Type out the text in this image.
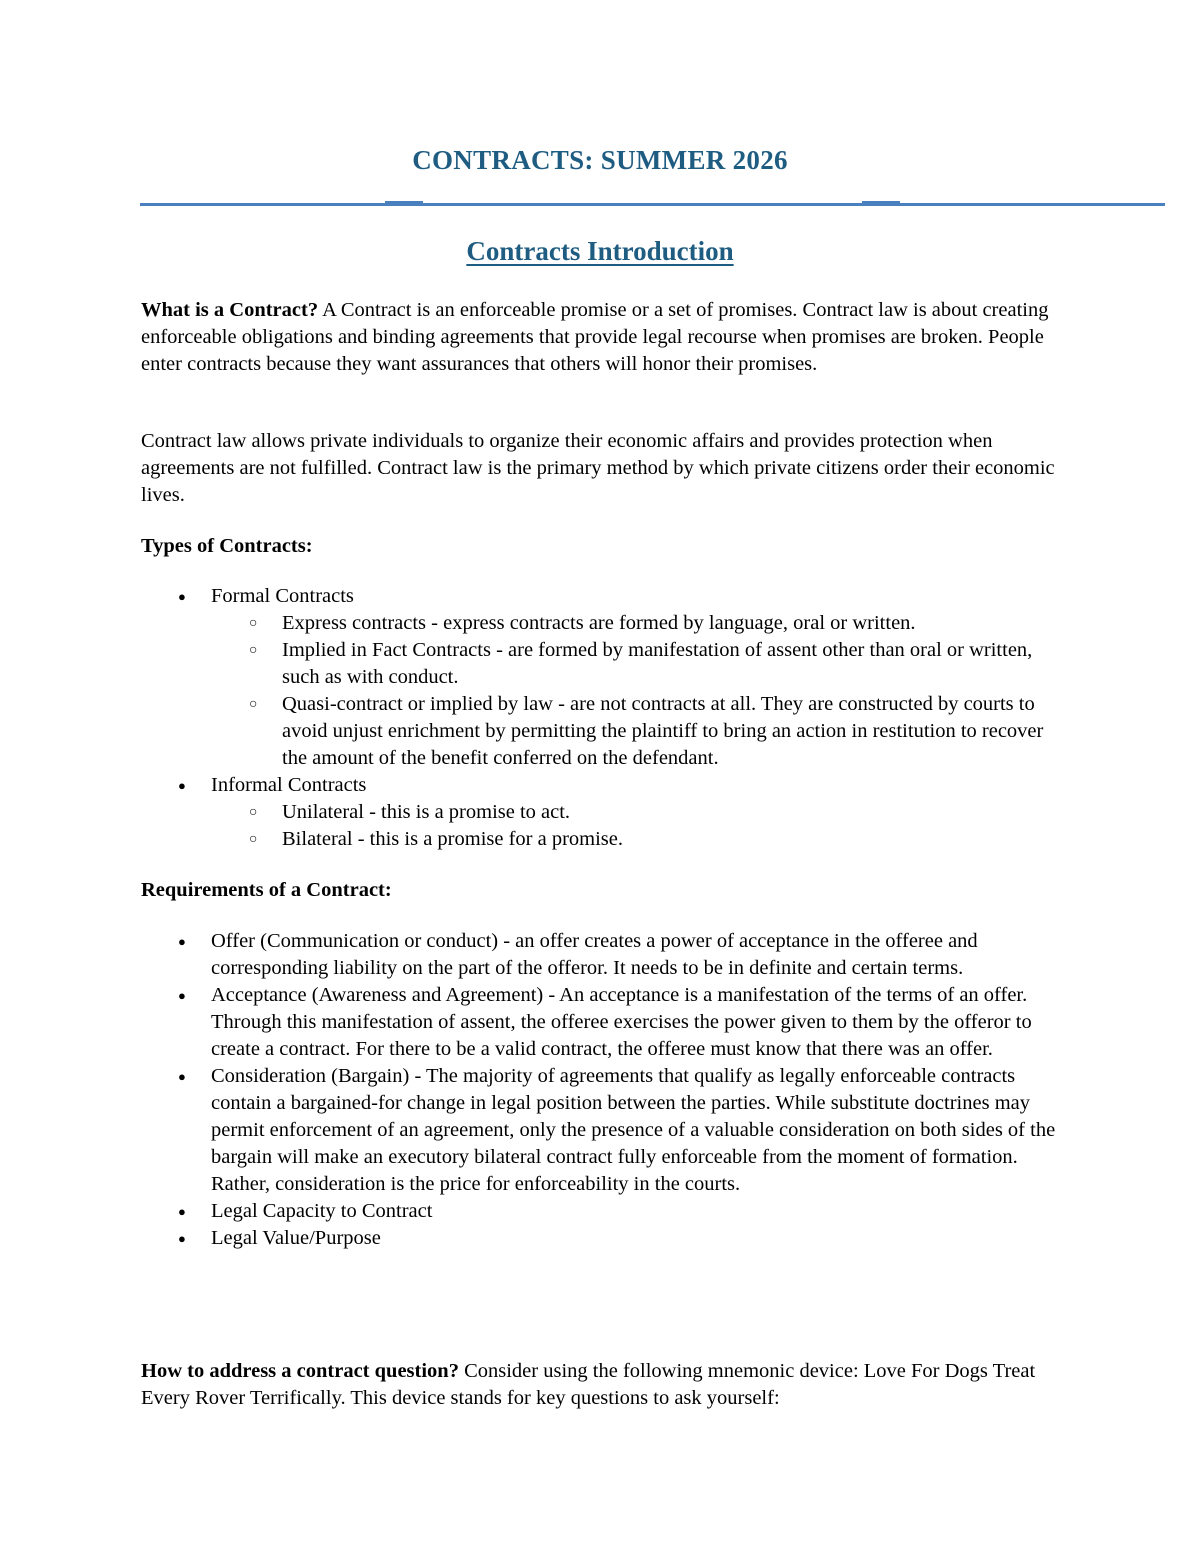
CONTRACTS: SUMMER 2026
Contracts Introduction

What is a Contract? A Contract is an enforceable promise or a set of promises. Contract law is about creating enforceable obligations and binding agreements that provide legal recourse when promises are broken. People enter contracts because they want assurances that others will honor their promises.

Contract law allows private individuals to organize their economic affairs and provides protection when agreements are not fulfilled. Contract law is the primary method by which private citizens order their economic lives.

Types of Contracts:

● Formal Contracts
○ Express contracts - express contracts are formed by language, oral or written.
○ Implied in Fact Contracts - are formed by manifestation of assent other than oral or written, such as with conduct.
○ Quasi-contract or implied by law - are not contracts at all. They are constructed by courts to avoid unjust enrichment by permitting the plaintiff to bring an action in restitution to recover the amount of the benefit conferred on the defendant.
● Informal Contracts
○ Unilateral - this is a promise to act.
○ Bilateral - this is a promise for a promise.

Requirements of a Contract:

● Offer (Communication or conduct) - an offer creates a power of acceptance in the offeree and corresponding liability on the part of the offeror. It needs to be in definite and certain terms.
● Acceptance (Awareness and Agreement) - An acceptance is a manifestation of the terms of an offer. Through this manifestation of assent, the offeree exercises the power given to them by the offeror to create a contract. For there to be a valid contract, the offeree must know that there was an offer.
● Consideration (Bargain) - The majority of agreements that qualify as legally enforceable contracts contain a bargained-for change in legal position between the parties. While substitute doctrines may permit enforcement of an agreement, only the presence of a valuable consideration on both sides of the bargain will make an executory bilateral contract fully enforceable from the moment of formation. Rather, consideration is the price for enforceability in the courts.
● Legal Capacity to Contract
● Legal Value/Purpose

How to address a contract question? Consider using the following mnemonic device: Love For Dogs Treat Every Rover Terrifically. This device stands for key questions to ask yourself:
